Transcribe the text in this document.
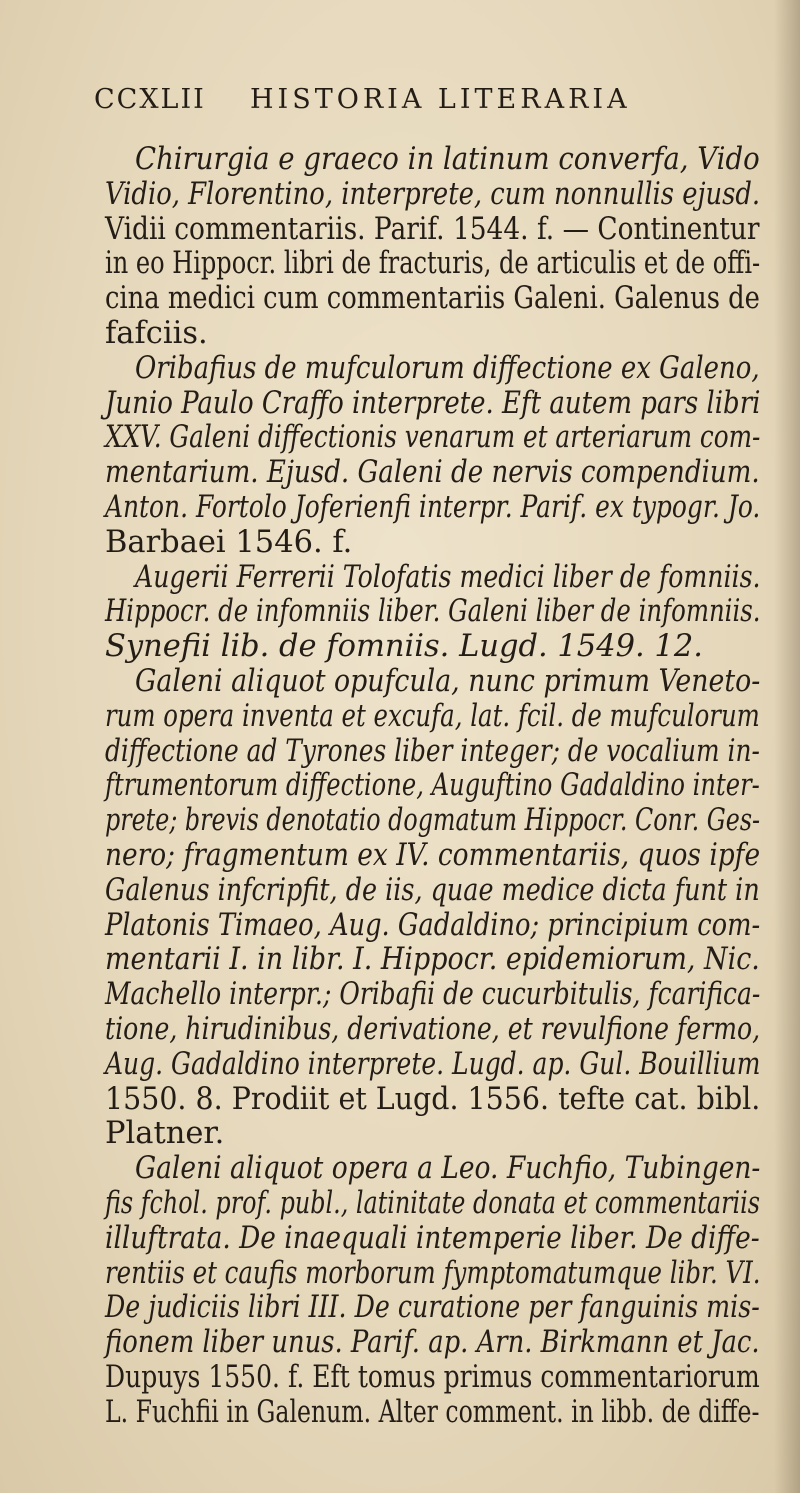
CCXLII HISTORIA LITERARIA
Chirurgia e graeco in latinum converfa, Vido
Vidio, Florentino, interprete, cum nonnullis ejusd.
Vidii commentariis. Parif. 1544. f. — Continentur
in eo Hippocr. libri de fracturis, de articulis et de offi-
cina medici cum commentariis Galeni. Galenus de
fafciis.
Oribafius de mufculorum diffectione ex Galeno,
Junio Paulo Craffo interprete. Eft autem pars libri
XXV. Galeni diffectionis venarum et arteriarum com-
mentarium. Ejusd. Galeni de nervis compendium.
Anton. Fortolo Joferienfi interpr. Parif. ex typogr. Jo.
Barbaei 1546. f.
Augerii Ferrerii Tolofatis medici liber de fomniis.
Hippocr. de infomniis liber. Galeni liber de infomniis.
Synefii lib. de fomniis. Lugd. 1549. 12.
Galeni aliquot opufcula, nunc primum Veneto-
rum opera inventa et excufa, lat. fcil. de mufculorum
diffectione ad Tyrones liber integer; de vocalium in-
ftrumentorum diffectione, Auguftino Gadaldino inter-
prete; brevis denotatio dogmatum Hippocr. Conr. Ges-
nero; fragmentum ex IV. commentariis, quos ipfe
Galenus infcripfit, de iis, quae medice dicta funt in
Platonis Timaeo, Aug. Gadaldino; principium com-
mentarii I. in libr. I. Hippocr. epidemiorum, Nic.
Machello interpr.; Oribafii de cucurbitulis, fcarifica-
tione, hirudinibus, derivatione, et revulfione fermo,
Aug. Gadaldino interprete. Lugd. ap. Gul. Bouillium
1550. 8. Prodiit et Lugd. 1556. tefte cat. bibl.
Platner.
Galeni aliquot opera a Leo. Fuchfio, Tubingen-
fis fchol. prof. publ., latinitate donata et commentariis
illuftrata. De inaequali intemperie liber. De diffe-
rentiis et caufis morborum fymptomatumque libr. VI.
De judiciis libri III. De curatione per fanguinis mis-
fionem liber unus. Parif. ap. Arn. Birkmann et Jac.
Dupuys 1550. f. Eft tomus primus commentariorum
L. Fuchfii in Galenum. Alter comment. in libb. de diffe-
